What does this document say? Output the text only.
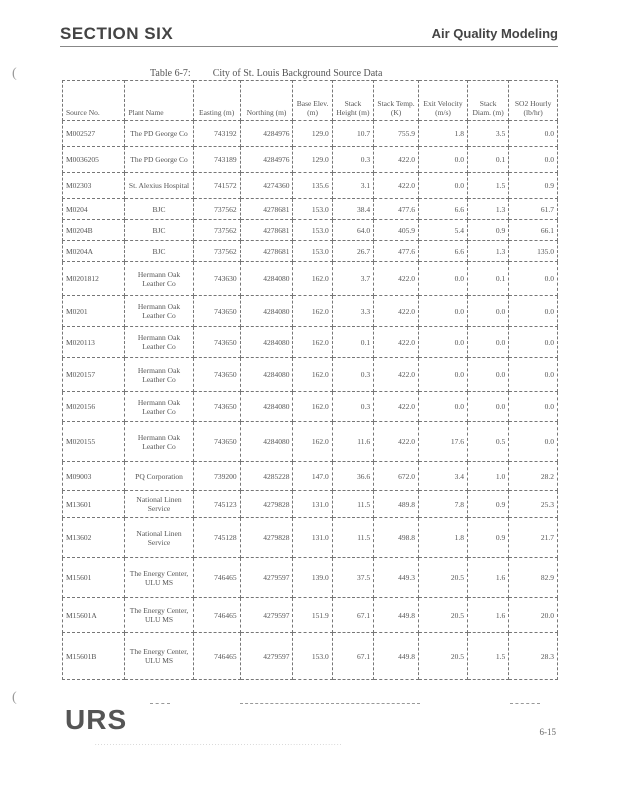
(
(
SECTION SIX	Air Quality Modeling
Table 6-7: City of St. Louis Background Source Data
Source No.	Plant Name	Easting (m)	Northing (m)	Base Elev. (m)	Stack Height (m)	Stack Temp. (K)	Exit Velocity (m/s)	Stack Diam. (m)	SO2 Hourly (lb/hr)
M002527	The PD George Co	743192	4284976	129.0	10.7	755.9	1.8	3.5	0.0
M0036205	The PD George Co	743189	4284976	129.0	0.3	422.0	0.0	0.1	0.0
M02303	St. Alexius Hospital	741572	4274360	135.6	3.1	422.0	0.0	1.5	0.9
M0204	BJC	737562	4278681	153.0	38.4	477.6	6.6	1.3	61.7
M0204B	BJC	737562	4278681	153.0	64.0	405.9	5.4	0.9	66.1
M0204A	BJC	737562	4278681	153.0	26.7	477.6	6.6	1.3	135.0
M0201812	Hermann Oak Leather Co	743630	4284080	162.0	3.7	422.0	0.0	0.1	0.0
M0201	Hermann Oak Leather Co	743650	4284080	162.0	3.3	422.0	0.0	0.0	0.0
M020113	Hermann Oak Leather Co	743650	4284080	162.0	0.1	422.0	0.0	0.0	0.0
M020157	Hermann Oak Leather Co	743650	4284080	162.0	0.3	422.0	0.0	0.0	0.0
M020156	Hermann Oak Leather Co	743650	4284080	162.0	0.3	422.0	0.0	0.0	0.0
M020155	Hermann Oak Leather Co	743650	4284080	162.0	11.6	422.0	17.6	0.5	0.0
M09003	PQ Corporation	739200	4285228	147.0	36.6	672.0	3.4	1.0	28.2
M13601	National Linen Service	745123	4279828	131.0	11.5	489.8	7.8	0.9	25.3
M13602	National Linen Service	745128	4279828	131.0	11.5	498.8	1.8	0.9	21.7
M15601	The Energy Center, ULU MS	746465	4279597	139.0	37.5	449.3	20.5	1.6	82.9
M15601A	The Energy Center, ULU MS	746465	4279597	151.9	67.1	449.8	20.5	1.6	20.0
M15601B	The Energy Center, ULU MS	746465	4279597	153.0	67.1	449.8	20.5	1.5	28.3
URS	6-15
· · · · · · · · · · · · · · · · · · · · · · · · · · · · · · · · · · · · · · · · · · · · · · · · · · · · · · · · · · · · · · · · · · · · · · · · · · · · · · · · · · · · ·
